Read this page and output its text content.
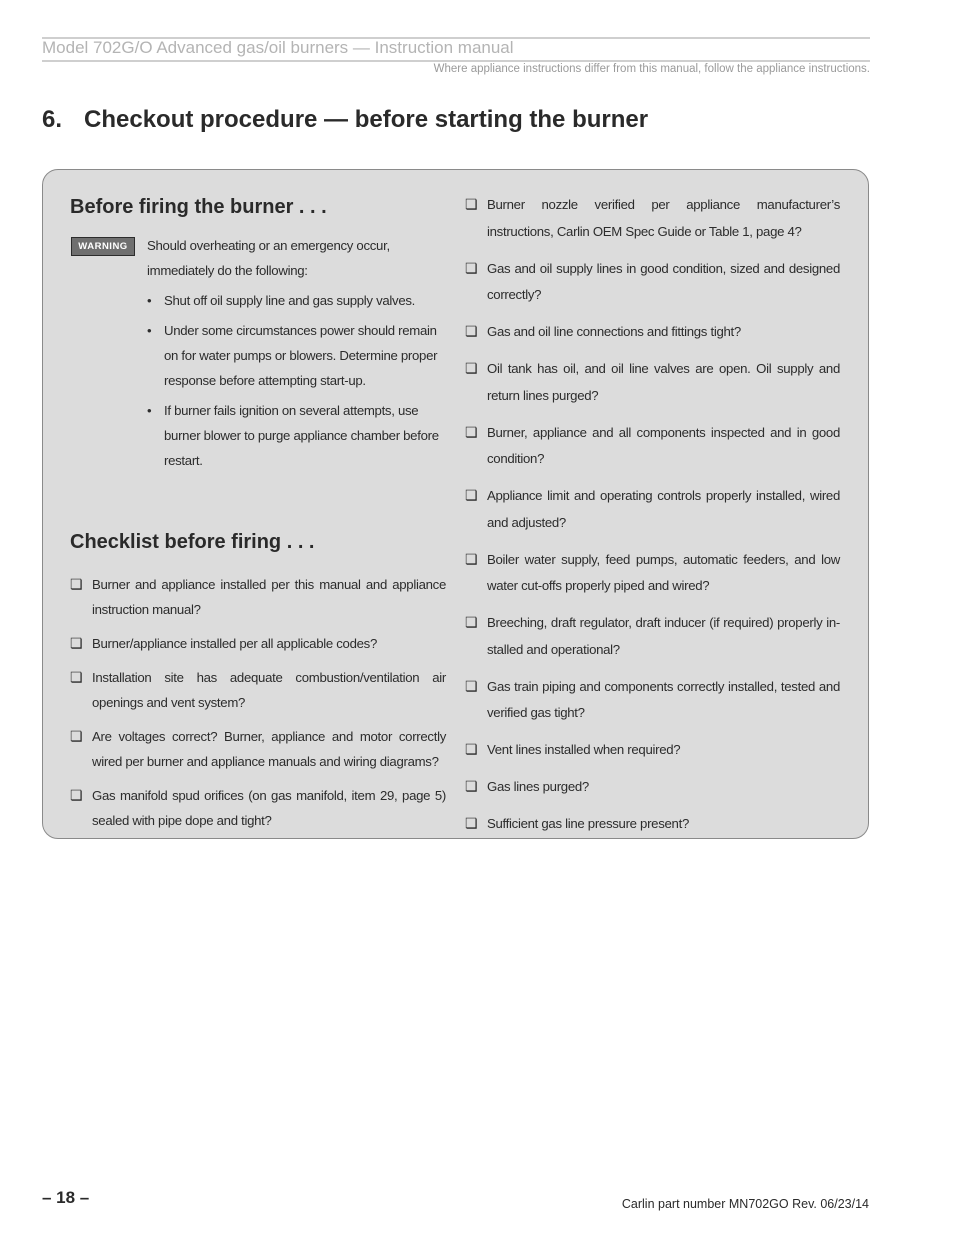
Model 702G/O Advanced gas/oil burners — Instruction manual
Where appliance instructions differ from this manual, follow the appliance instructions.
6. Checkout procedure — before starting the burner
Before firing the burner . . .
WARNING	Should overheating or an emergency occur, immediately do the following:
• Shut off oil supply line and gas supply valves.
• Under some circumstances power should remain on for water pumps or blowers. Determine proper response before attempting start-up.
• If burner fails ignition on several attempts, use burner blower to purge appliance chamber before restart.
Checklist before firing . . .
❏ Burner and appliance installed per this manual and appliance instruction manual?
❏ Burner/appliance installed per all applicable codes?
❏ Installation site has adequate combustion/ventilation air openings and vent system?
❏ Are voltages correct? Burner, appliance and motor correctly wired per burner and appliance manuals and wiring diagrams?
❏ Gas manifold spud orifices (on gas manifold, item 29, page 5) sealed with pipe dope and tight?
❏ Burner nozzle verified per appliance manufacturer’s instructions, Carlin OEM Spec Guide or Table 1, page 4?
❏ Gas and oil supply lines in good condition, sized and designed correctly?
❏ Gas and oil line connections and fittings tight?
❏ Oil tank has oil, and oil line valves are open. Oil supply and return lines purged?
❏ Burner, appliance and all components inspected and in good condition?
❏ Appliance limit and operating controls properly installed, wired and adjusted?
❏ Boiler water supply, feed pumps, automatic feeders, and low water cut-offs properly piped and wired?
❏ Breeching, draft regulator, draft inducer (if required) properly in-stalled and operational?
❏ Gas train piping and components correctly installed, tested and verified gas tight?
❏ Vent lines installed when required?
❏ Gas lines purged?
❏ Sufficient gas line pressure present?
– 18 –	Carlin part number MN702GO Rev. 06/23/14
